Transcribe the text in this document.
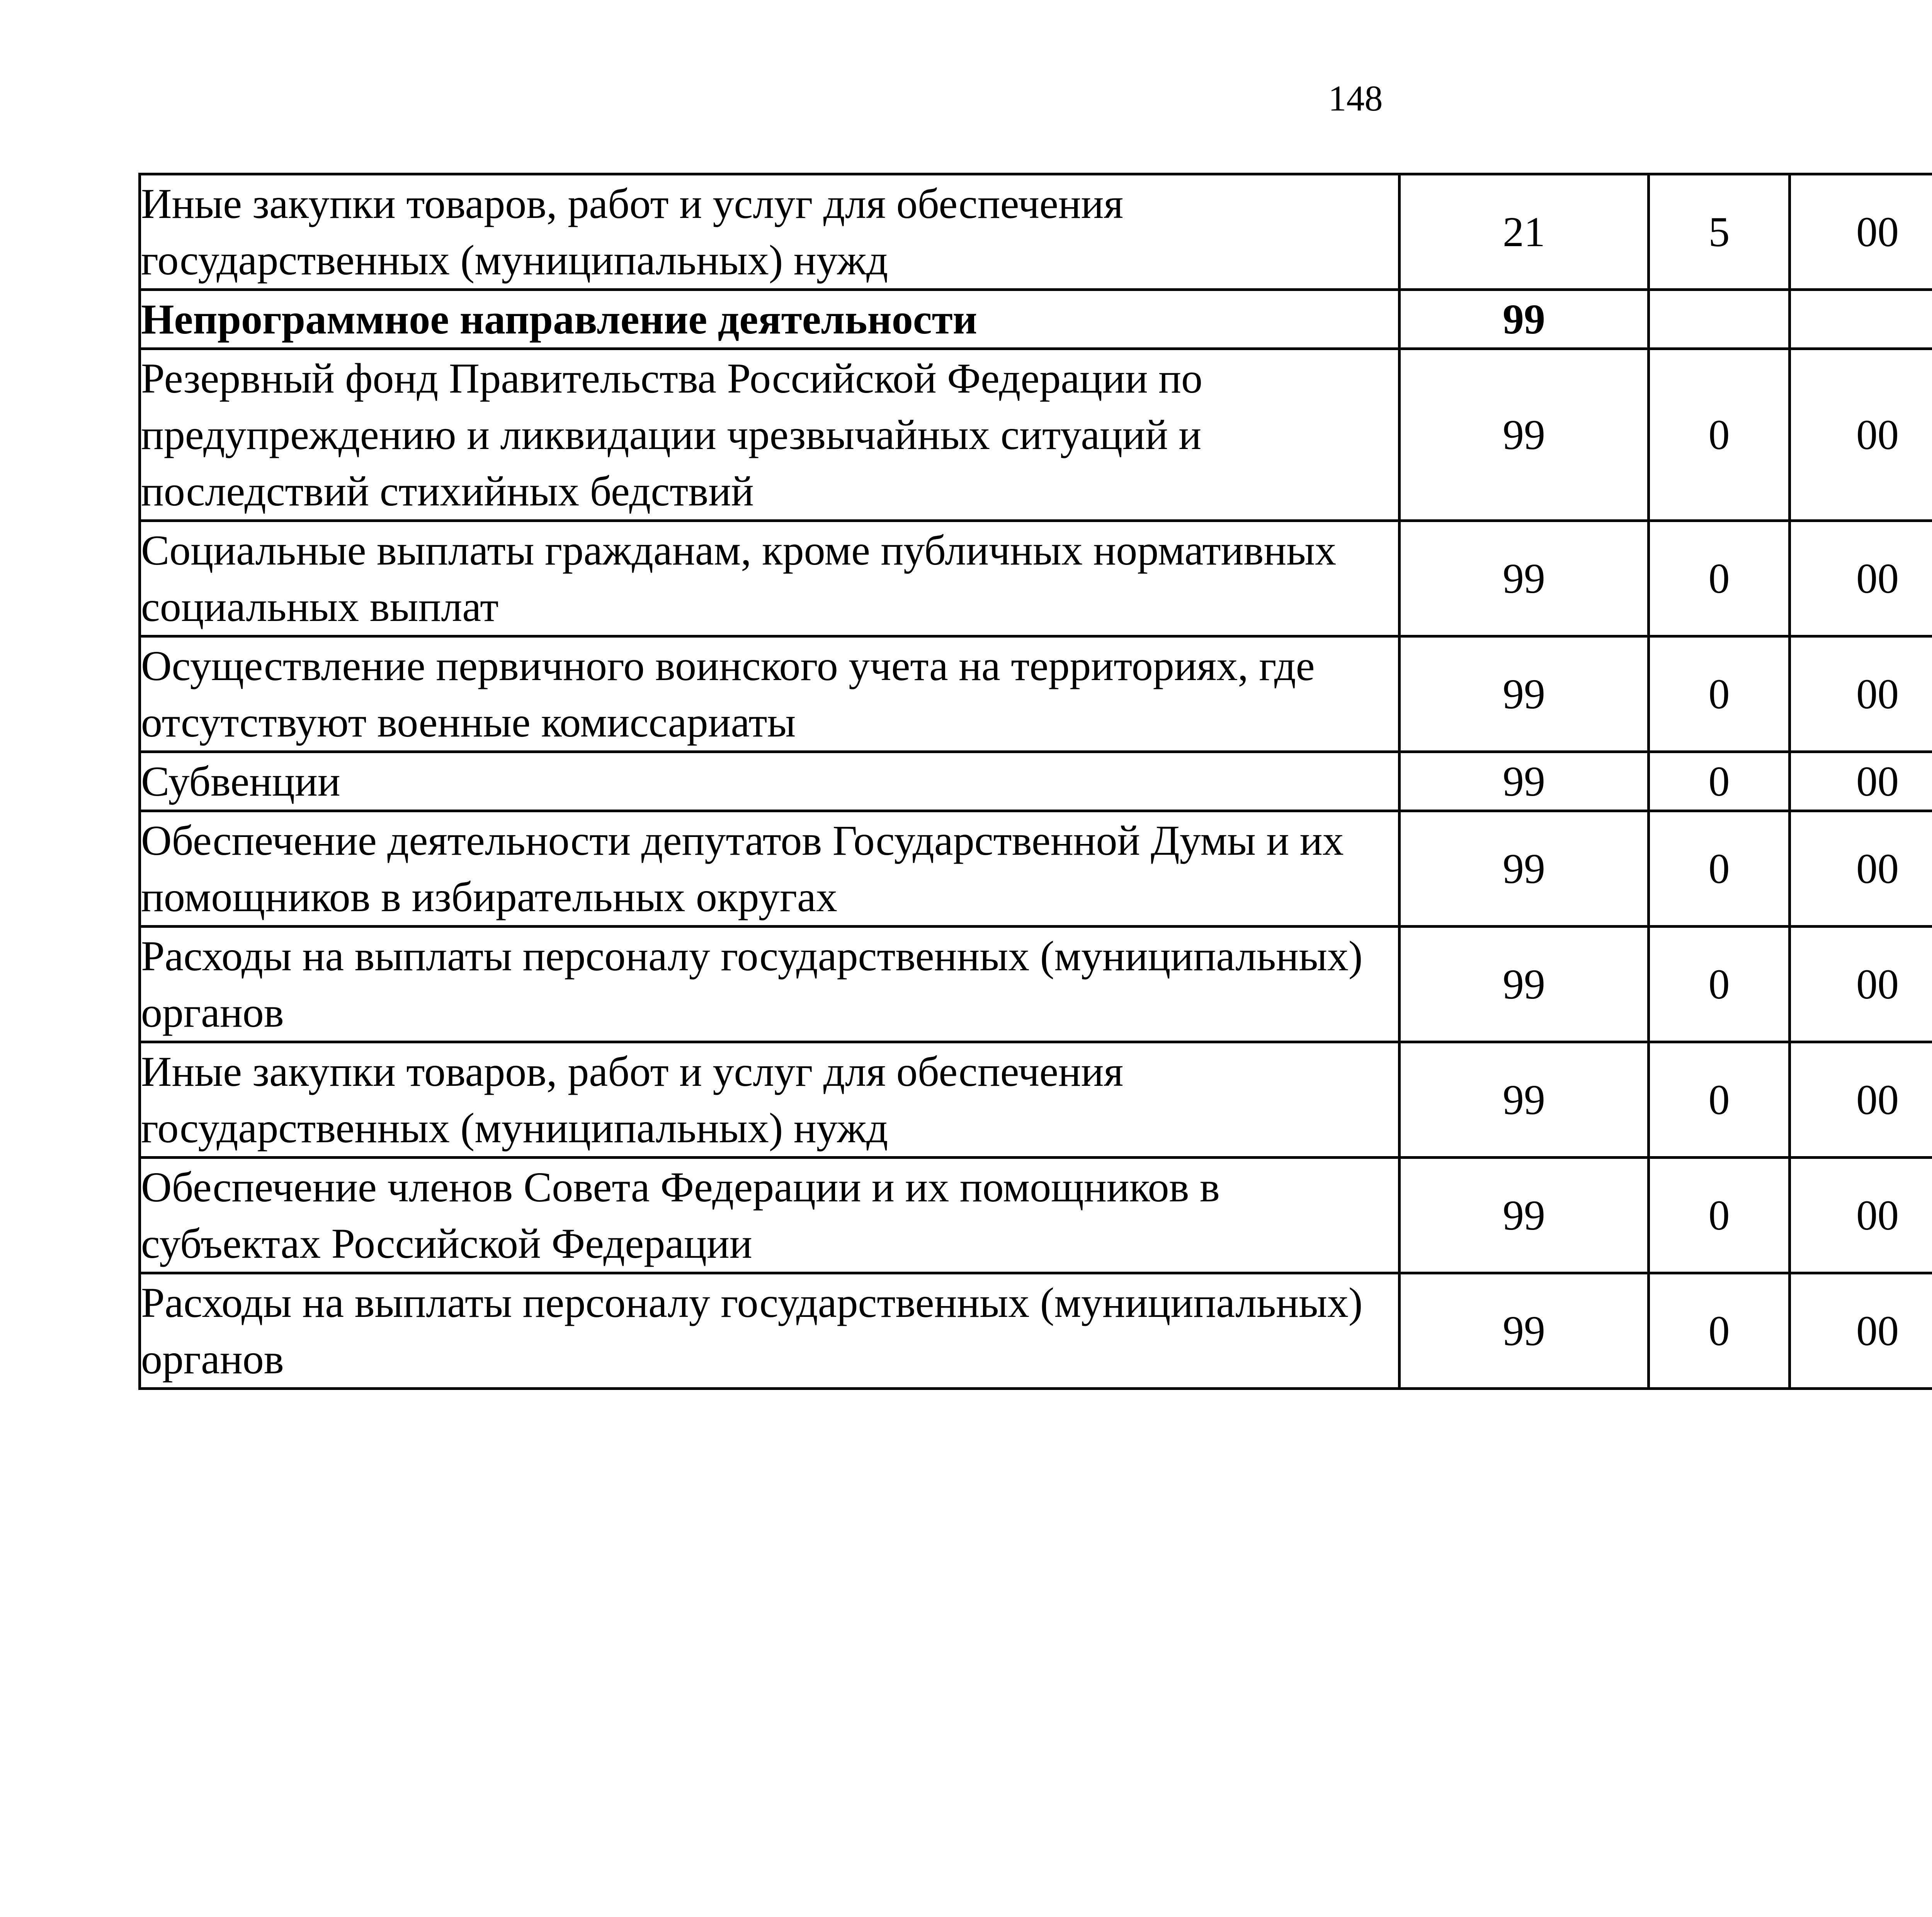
148
Иные закупки товаров, работ и услуг для обеспечения государственных (муниципальных) нужд	21	5	00			
Непрограммное направление деятельности	99					
Резервный фонд Правительства Российской Федерации по предупреждению и ликвидации чрезвычайных ситуаций и последствий стихийных бедствий	99	0	00			
Социальные выплаты гражданам, кроме публичных нормативных социальных выплат	99	0	00			
Осуществление первичного воинского учета на территориях, где отсутствуют военные комиссариаты	99	0	00			
Субвенции	99	0	00			
Обеспечение деятельности депутатов Государственной Думы и их помощников в избирательных округах	99	0	00			
Расходы на выплаты персоналу государственных (муниципальных) органов	99	0	00			
Иные закупки товаров, работ и услуг для обеспечения государственных (муниципальных) нужд	99	0	00			
Обеспечение членов Совета Федерации и их помощников в субъектах Российской Федерации	99	0	00			
Расходы на выплаты персоналу государственных (муниципальных) органов	99	0	00			
